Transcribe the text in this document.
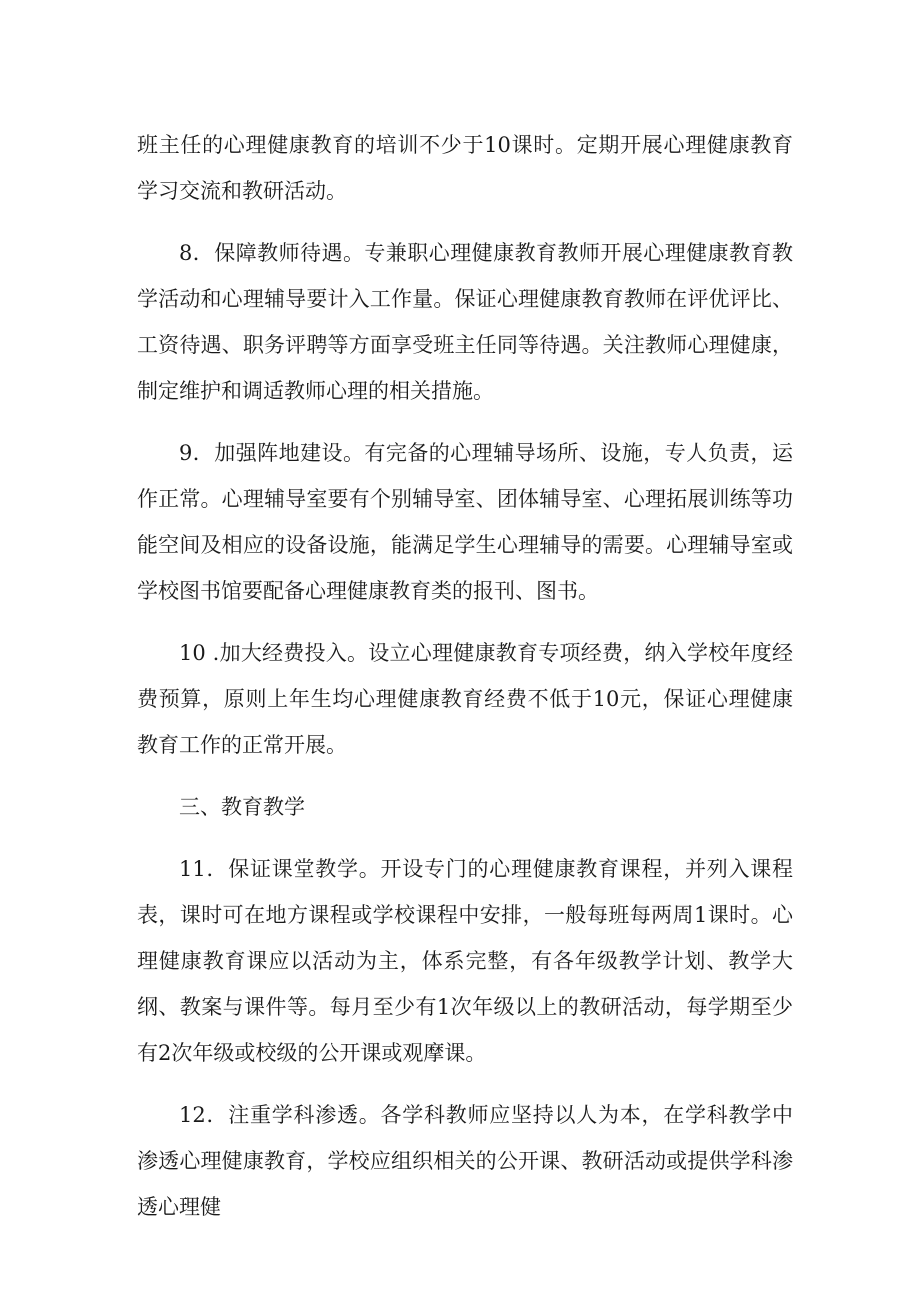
班主任的心理健康教育的培训不少于10课时。定期开展心理健康教育学习交流和教研活动。

8．保障教师待遇。专兼职心理健康教育教师开展心理健康教育教学活动和心理辅导要计入工作量。保证心理健康教育教师在评优评比、工资待遇、职务评聘等方面享受班主任同等待遇。关注教师心理健康，制定维护和调适教师心理的相关措施。

9．加强阵地建设。有完备的心理辅导场所、设施，专人负责，运作正常。心理辅导室要有个别辅导室、团体辅导室、心理拓展训练等功能空间及相应的设备设施，能满足学生心理辅导的需要。心理辅导室或学校图书馆要配备心理健康教育类的报刊、图书。

10 .加大经费投入。设立心理健康教育专项经费，纳入学校年度经费预算，原则上年生均心理健康教育经费不低于10元，保证心理健康教育工作的正常开展。

三、教育教学

11．保证课堂教学。开设专门的心理健康教育课程，并列入课程表，课时可在地方课程或学校课程中安排，一般每班每两周1课时。心理健康教育课应以活动为主，体系完整，有各年级教学计划、教学大纲、教案与课件等。每月至少有1次年级以上的教研活动，每学期至少有2次年级或校级的公开课或观摩课。

12．注重学科渗透。各学科教师应坚持以人为本，在学科教学中渗透心理健康教育，学校应组织相关的公开课、教研活动或提供学科渗透心理健
